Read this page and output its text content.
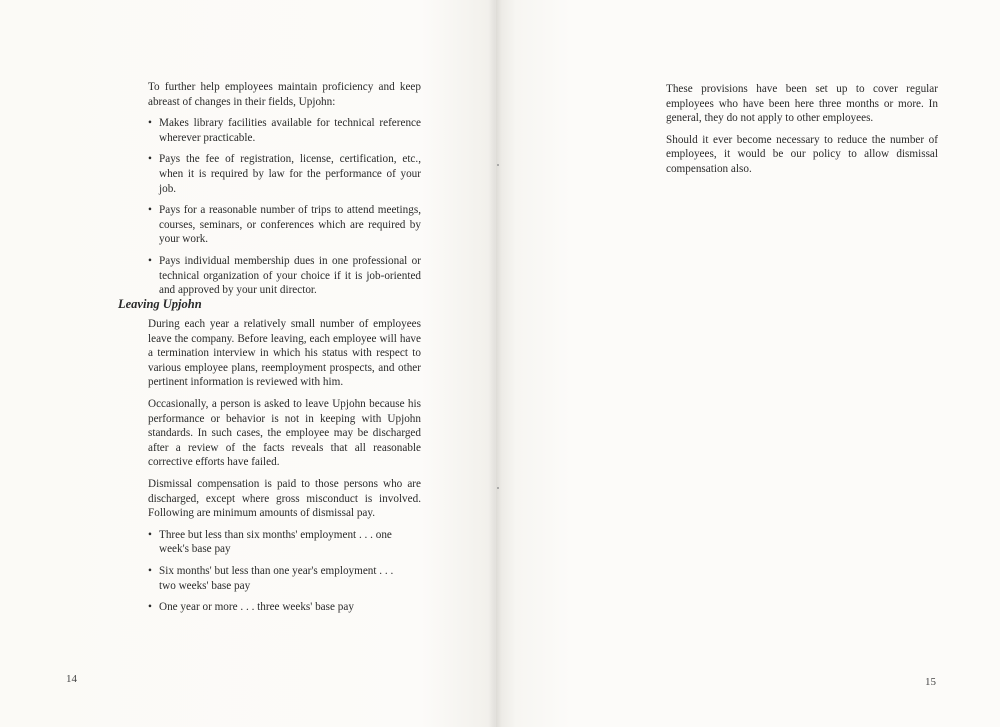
To further help employees maintain proficiency and keep abreast of changes in their fields, Upjohn:

• Makes library facilities available for technical reference wherever practicable.
• Pays the fee of registration, license, certification, etc., when it is required by law for the performance of your job.
• Pays for a reasonable number of trips to attend meetings, courses, seminars, or conferences which are required by your work.
• Pays individual membership dues in one professional or technical organization of your choice if it is job-oriented and approved by your unit director.
Leaving Upjohn

During each year a relatively small number of employees leave the company. Before leaving, each employee will have a termination interview in which his status with respect to various employee plans, reemployment prospects, and other pertinent information is reviewed with him.

Occasionally, a person is asked to leave Upjohn because his performance or behavior is not in keeping with Upjohn standards. In such cases, the employee may be discharged after a review of the facts reveals that all reasonable corrective efforts have failed.

Dismissal compensation is paid to those persons who are discharged, except where gross misconduct is involved. Following are minimum amounts of dismissal pay.

• Three but less than six months' employment . . . one
week's base pay
• Six months' but less than one year's employment . . .
two weeks' base pay
• One year or more . . . three weeks' base pay
14

These provisions have been set up to cover regular employees who have been here three months or more. In general, they do not apply to other employees.

Should it ever become necessary to reduce the number of employees, it would be our policy to allow dismissal compensation also.

15
